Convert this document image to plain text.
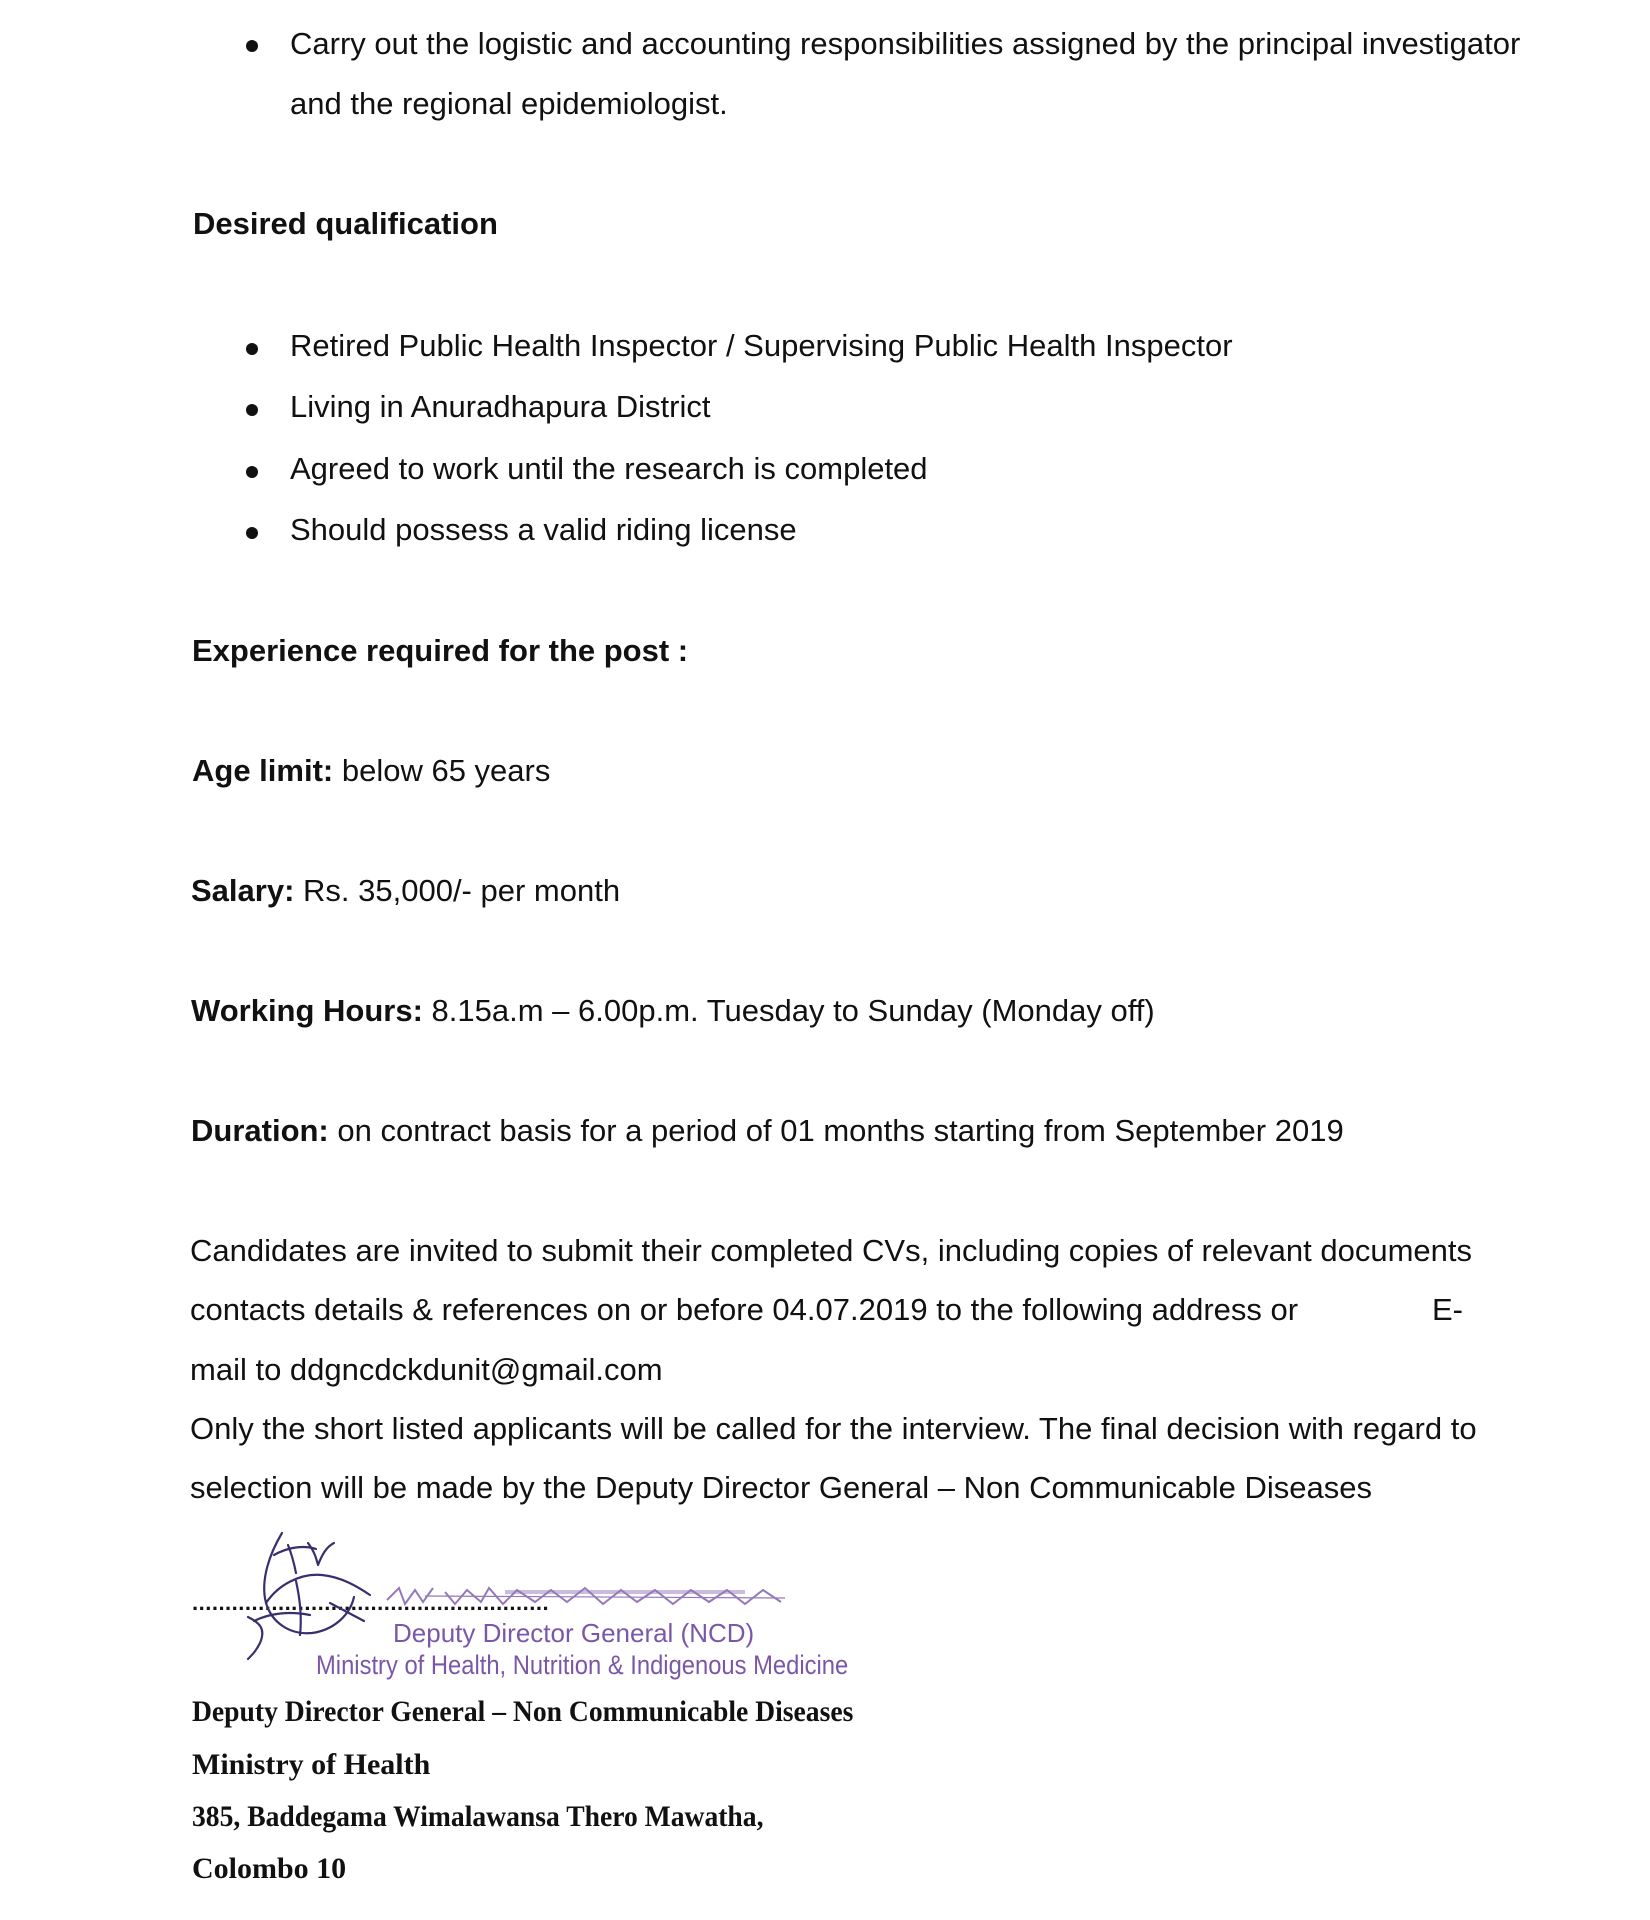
Carry out the logistic and accounting responsibilities assigned by the principal investigator
and the regional epidemiologist.
Desired qualification
Retired Public Health Inspector / Supervising Public Health Inspector
Living in Anuradhapura District
Agreed to work until the research is completed
Should possess a valid riding license
Experience required for the post :
Age limit: below 65 years
Salary: Rs. 35,000/- per month
Working Hours: 8.15a.m – 6.00p.m. Tuesday to Sunday (Monday off)
Duration: on contract basis for a period of 01 months starting from September 2019
Candidates are invited to submit their completed CVs, including copies of relevant documents
contacts details & references on or before 04.07.2019 to the following address or	E-
mail to ddgncdckdunit@gmail.com
Only the short listed applicants will be called for the interview. The final decision with regard to
selection will be made by the Deputy Director General – Non Communicable Diseases
......................................................
Deputy Director General (NCD)
Ministry of Health, Nutrition & Indigenous Medicine
Deputy Director General – Non Communicable Diseases
Ministry of Health
385, Baddegama Wimalawansa Thero Mawatha,
Colombo 10
